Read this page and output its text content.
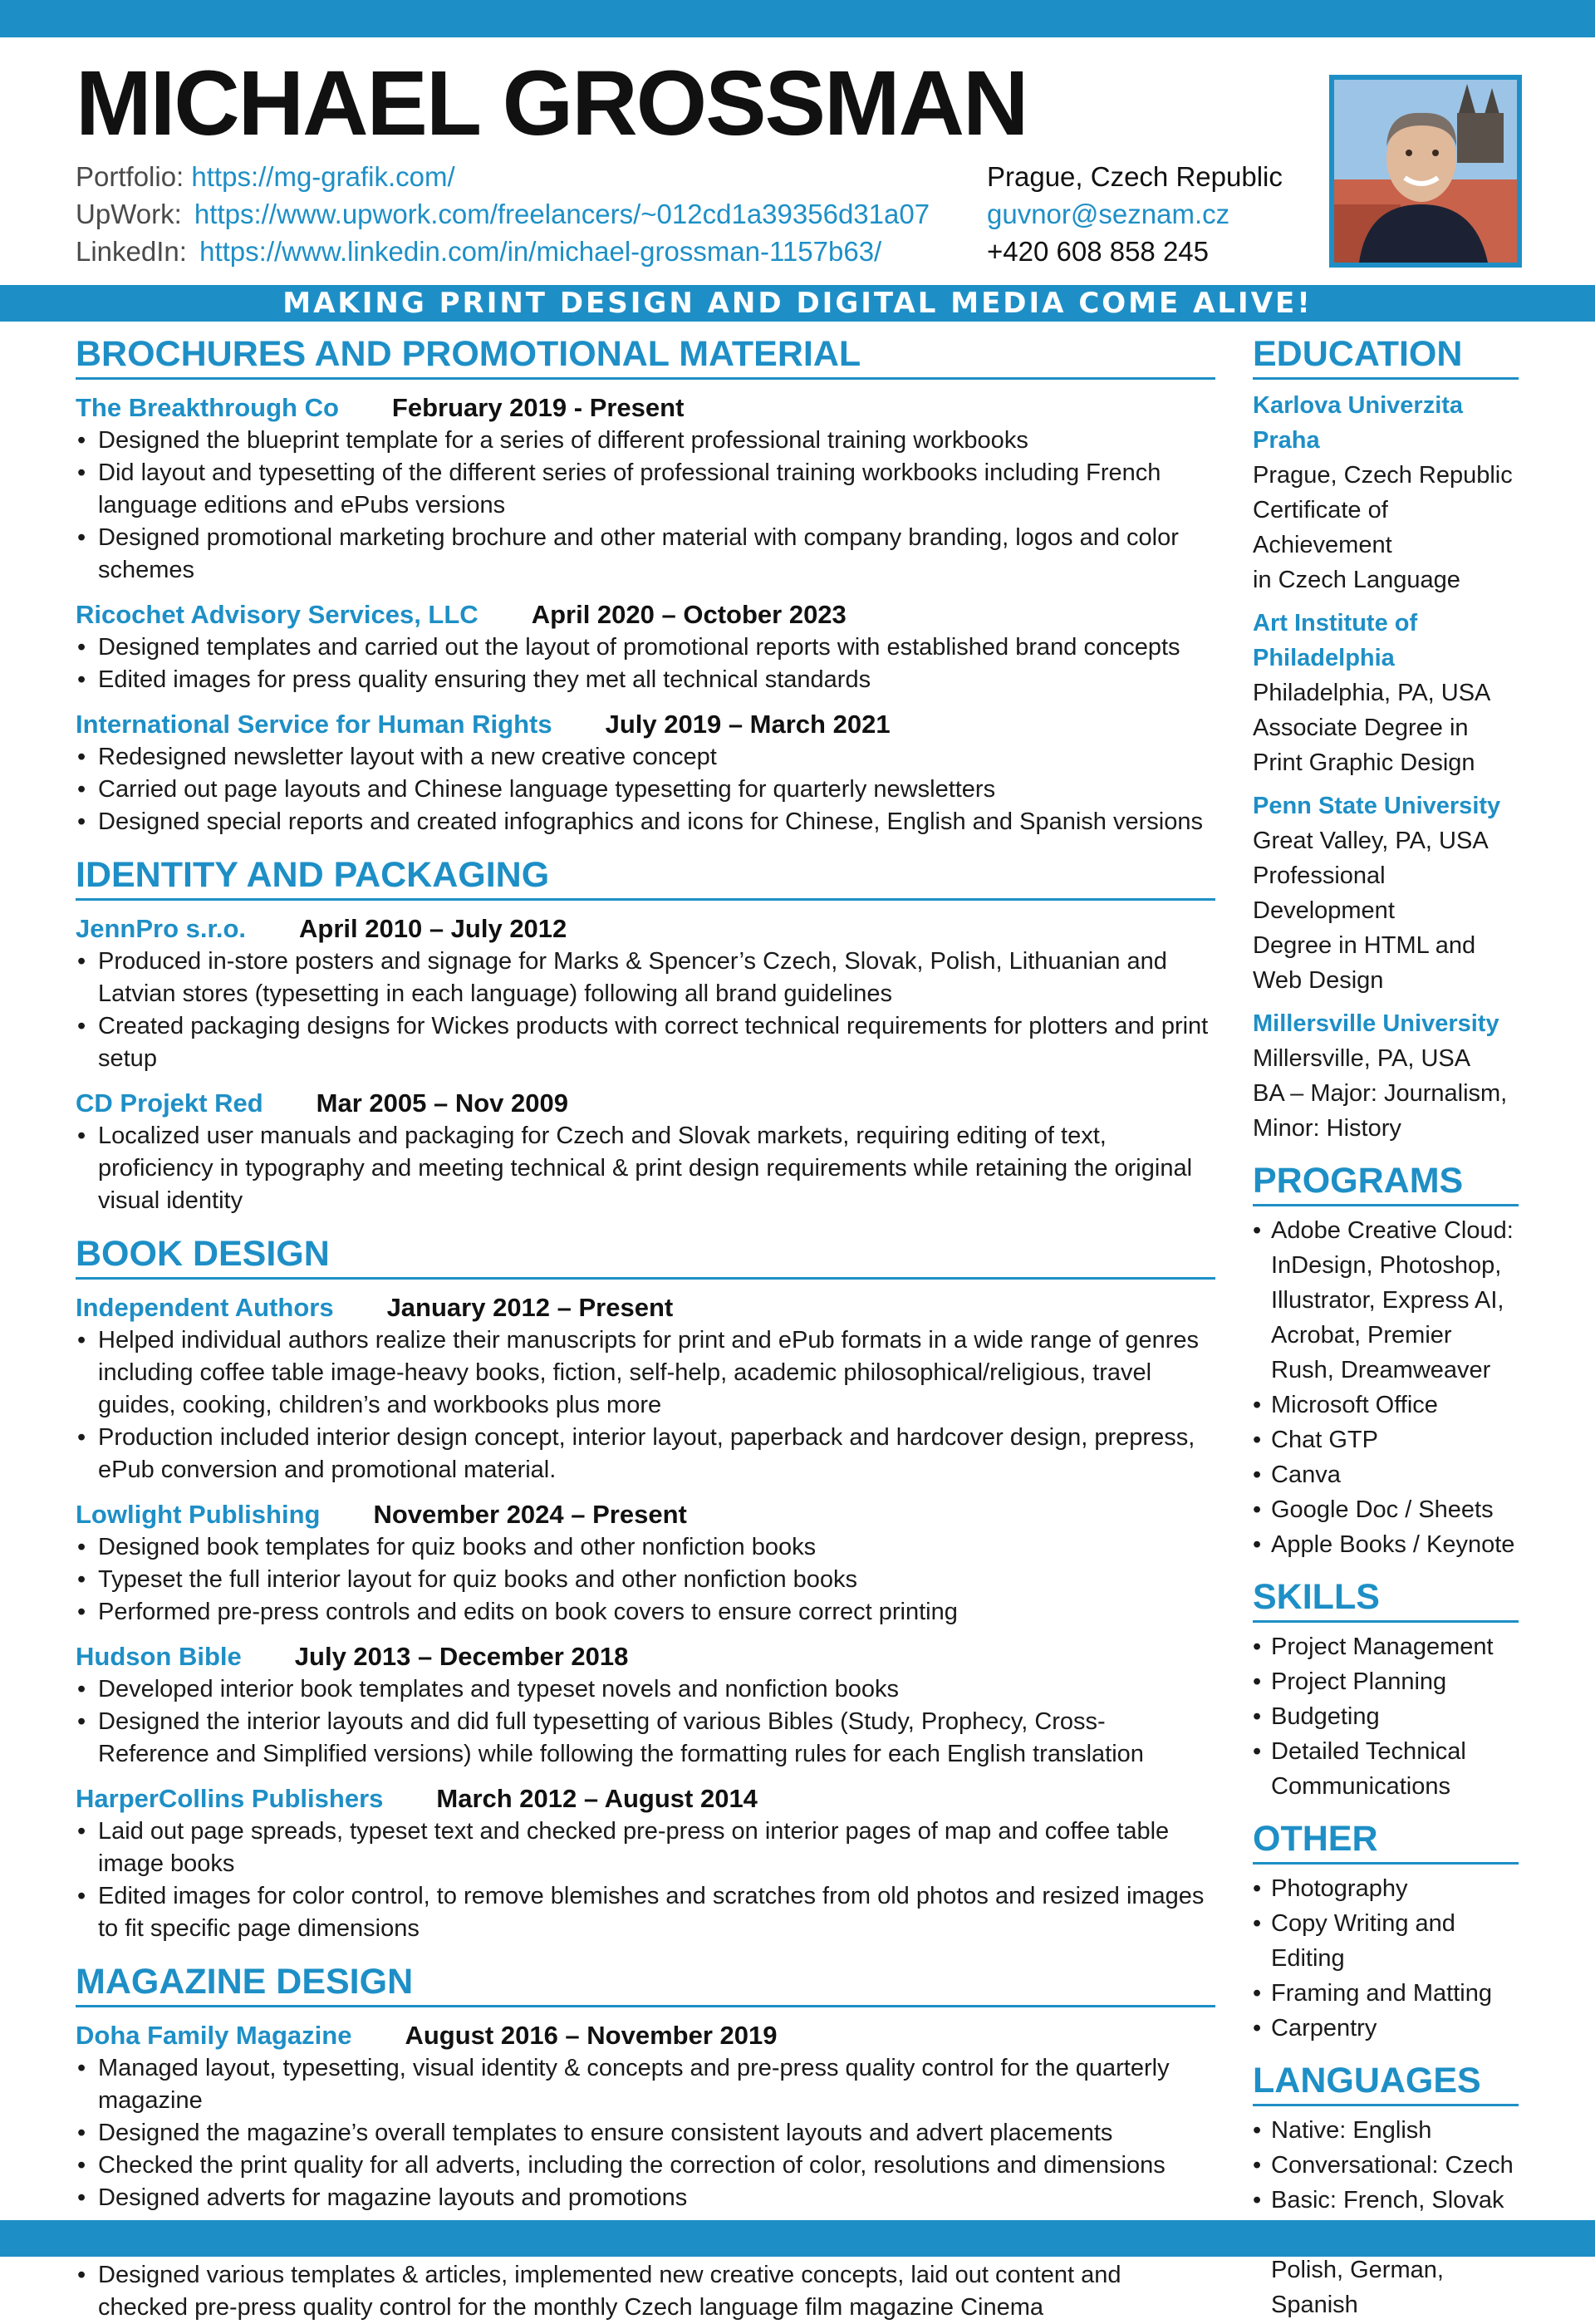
MICHAEL GROSSMAN
Portfolio: https://mg-grafik.com/
UpWork: https://www.upwork.com/freelancers/~012cd1a39356d31a07
LinkedIn: https://www.linkedin.com/in/michael-grossman-1157b63/
Prague, Czech Republic
guvnor@seznam.cz
+420 608 858 245
MAKING PRINT DESIGN AND DIGITAL MEDIA COME ALIVE!
BROCHURES AND PROMOTIONAL MATERIAL
The Breakthrough Co February 2019 - Present
• Designed the blueprint template for a series of different professional training workbooks
• Did layout and typesetting of the different series of professional training workbooks including French language editions and ePubs versions
• Designed promotional marketing brochure and other material with company branding, logos and color schemes
Ricochet Advisory Services, LLC April 2020 – October 2023
• Designed templates and carried out the layout of promotional reports with established brand concepts
• Edited images for press quality ensuring they met all technical standards
International Service for Human Rights July 2019 – March 2021
• Redesigned newsletter layout with a new creative concept
• Carried out page layouts and Chinese language typesetting for quarterly newsletters
• Designed special reports and created infographics and icons for Chinese, English and Spanish versions
IDENTITY AND PACKAGING
JennPro s.r.o. April 2010 – July 2012
• Produced in-store posters and signage for Marks & Spencer’s Czech, Slovak, Polish, Lithuanian and Latvian stores (typesetting in each language) following all brand guidelines
• Created packaging designs for Wickes products with correct technical requirements for plotters and print setup
CD Projekt Red Mar 2005 – Nov 2009
• Localized user manuals and packaging for Czech and Slovak markets, requiring editing of text, proficiency in typography and meeting technical & print design requirements while retaining the original visual identity
BOOK DESIGN
Independent Authors January 2012 – Present
• Helped individual authors realize their manuscripts for print and ePub formats in a wide range of genres including coffee table image-heavy books, fiction, self-help, academic philosophical/religious, travel guides, cooking, children’s and workbooks plus more
• Production included interior design concept, interior layout, paperback and hardcover design, prepress, ePub conversion and promotional material.
Lowlight Publishing November 2024 – Present
• Designed book templates for quiz books and other nonfiction books
• Typeset the full interior layout for quiz books and other nonfiction books
• Performed pre-press controls and edits on book covers to ensure correct printing
Hudson Bible July 2013 – December 2018
• Developed interior book templates and typeset novels and nonfiction books
• Designed the interior layouts and did full typesetting of various Bibles (Study, Prophecy, Cross-Reference and Simplified versions) while following the formatting rules for each English translation
HarperCollins Publishers March 2012 – August 2014
• Laid out page spreads, typeset text and checked pre-press on interior pages of map and coffee table image books
• Edited images for color control, to remove blemishes and scratches from old photos and resized images to fit specific page dimensions
MAGAZINE DESIGN
Doha Family Magazine August 2016 – November 2019
• Managed layout, typesetting, visual identity & concepts and pre-press quality control for the quarterly magazine
• Designed the magazine’s overall templates to ensure consistent layouts and advert placements
• Checked the print quality for all adverts, including the correction of color, resolutions and dimensions
• Designed adverts for magazine layouts and promotions
• Designed various templates & articles, implemented new creative concepts, laid out content and checked pre-press quality control for the monthly Czech language film magazine Cinema
EDUCATION
Karlova Univerzita Praha
Prague, Czech Republic
Certificate of Achievement
in Czech Language
Art Institute of Philadelphia
Philadelphia, PA, USA
Associate Degree in
Print Graphic Design
Penn State University
Great Valley, PA, USA
Professional Development
Degree in HTML and
Web Design
Millersville University
Millersville, PA, USA
BA – Major: Journalism,
Minor: History
PROGRAMS
• Adobe Creative Cloud: InDesign, Photoshop, Illustrator, Express AI, Acrobat, Premier Rush, Dreamweaver
• Microsoft Office
• Chat GTP
• Canva
• Google Doc / Sheets
• Apple Books / Keynote
SKILLS
• Project Management
• Project Planning
• Budgeting
• Detailed Technical Communications
OTHER
• Photography
• Copy Writing and Editing
• Framing and Matting
• Carpentry
LANGUAGES
• Native: English
• Conversational: Czech
• Basic: French, Slovak
• Polish, German, Spanish
